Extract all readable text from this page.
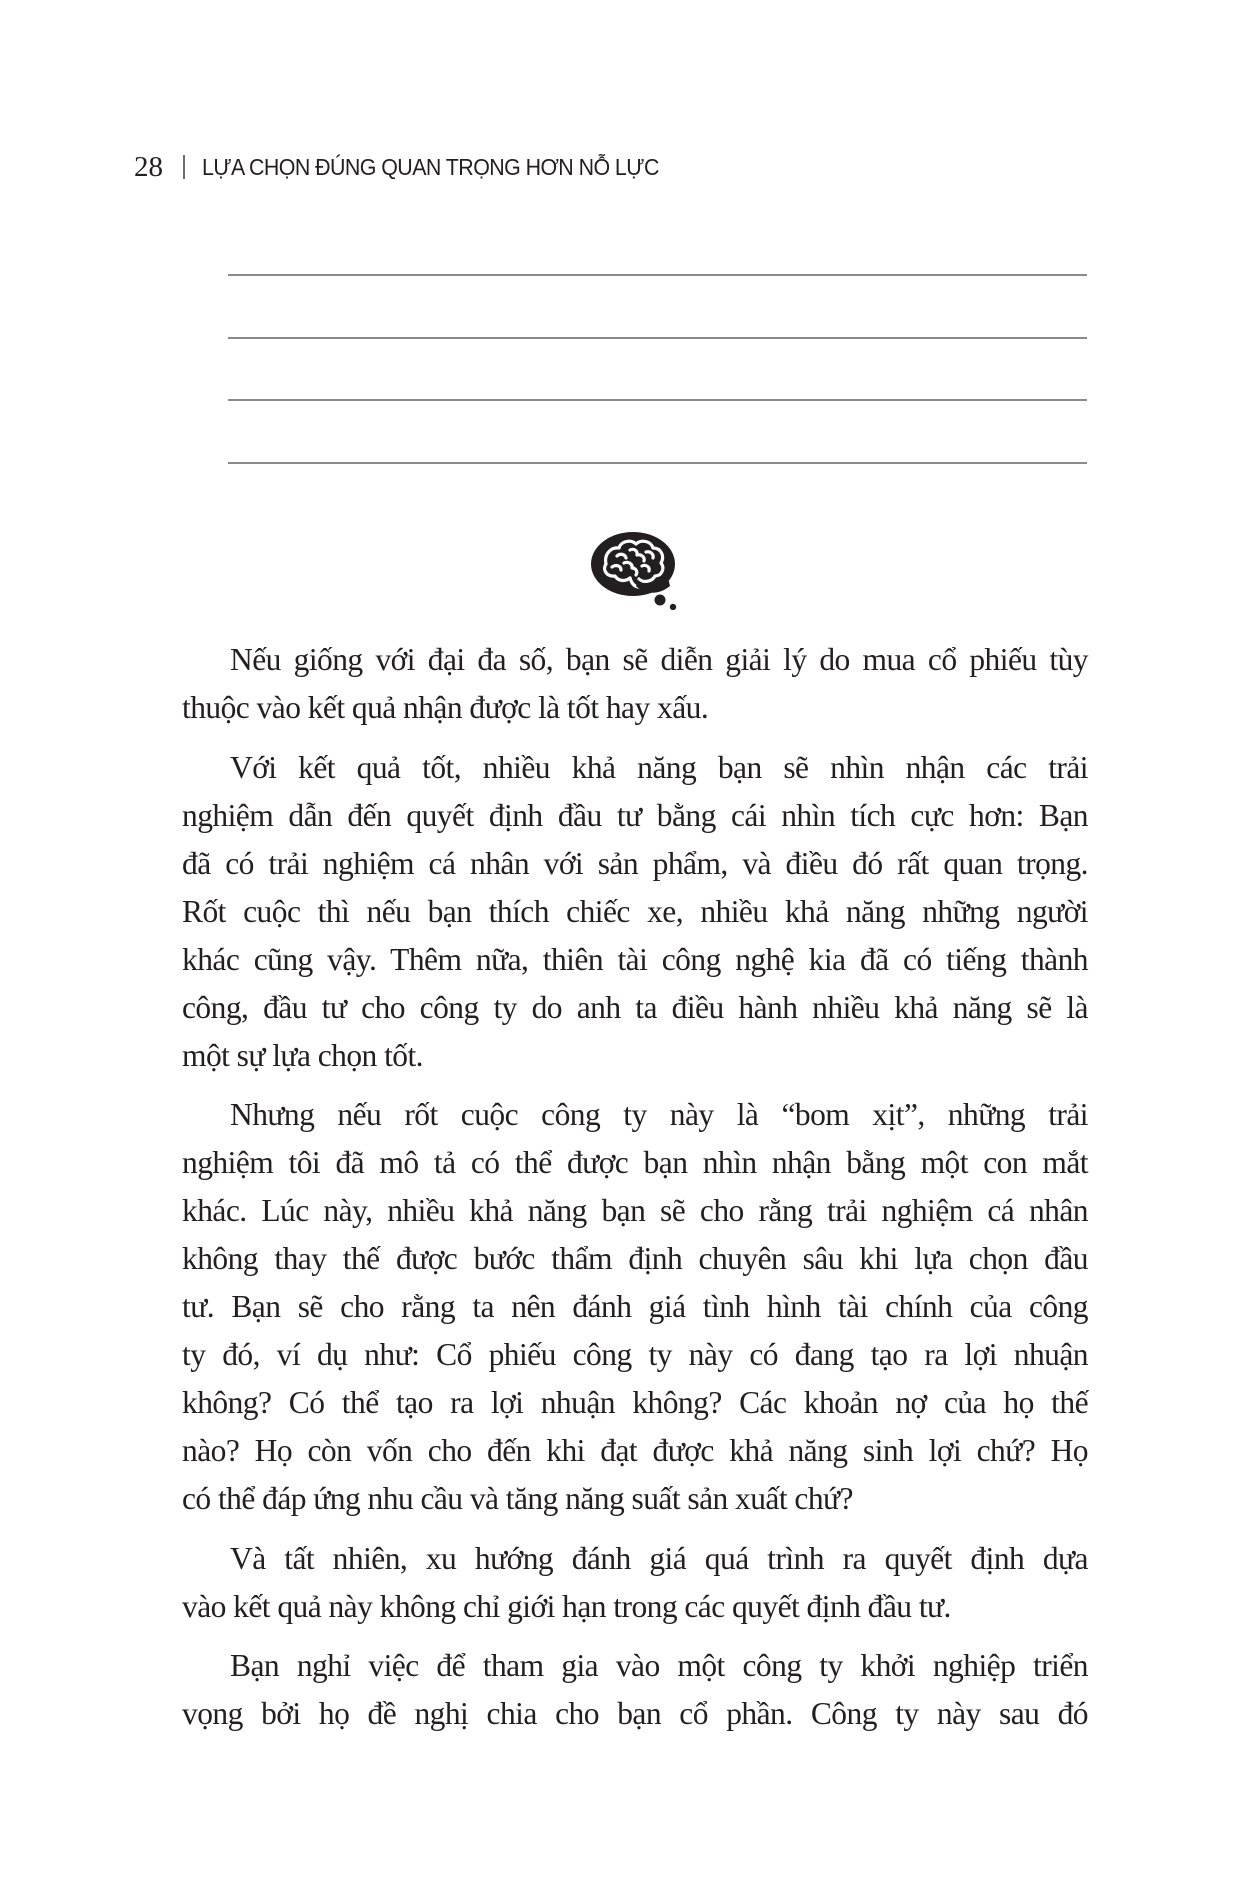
28 LỰA CHỌN ĐÚNG QUAN TRỌNG HƠN NỖ LỰC

Nếu giống với đại đa số, bạn sẽ diễn giải lý do mua cổ phiếu tùy
thuộc vào kết quả nhận được là tốt hay xấu.

Với kết quả tốt, nhiều khả năng bạn sẽ nhìn nhận các trải
nghiệm dẫn đến quyết định đầu tư bằng cái nhìn tích cực hơn: Bạn
đã có trải nghiệm cá nhân với sản phẩm, và điều đó rất quan trọng.
Rốt cuộc thì nếu bạn thích chiếc xe, nhiều khả năng những người
khác cũng vậy. Thêm nữa, thiên tài công nghệ kia đã có tiếng thành
công, đầu tư cho công ty do anh ta điều hành nhiều khả năng sẽ là
một sự lựa chọn tốt.

Nhưng nếu rốt cuộc công ty này là “bom xịt”, những trải
nghiệm tôi đã mô tả có thể được bạn nhìn nhận bằng một con mắt
khác. Lúc này, nhiều khả năng bạn sẽ cho rằng trải nghiệm cá nhân
không thay thế được bước thẩm định chuyên sâu khi lựa chọn đầu
tư. Bạn sẽ cho rằng ta nên đánh giá tình hình tài chính của công
ty đó, ví dụ như: Cổ phiếu công ty này có đang tạo ra lợi nhuận
không? Có thể tạo ra lợi nhuận không? Các khoản nợ của họ thế
nào? Họ còn vốn cho đến khi đạt được khả năng sinh lợi chứ? Họ
có thể đáp ứng nhu cầu và tăng năng suất sản xuất chứ?

Và tất nhiên, xu hướng đánh giá quá trình ra quyết định dựa
vào kết quả này không chỉ giới hạn trong các quyết định đầu tư.

Bạn nghỉ việc để tham gia vào một công ty khởi nghiệp triển
vọng bởi họ đề nghị chia cho bạn cổ phần. Công ty này sau đó
